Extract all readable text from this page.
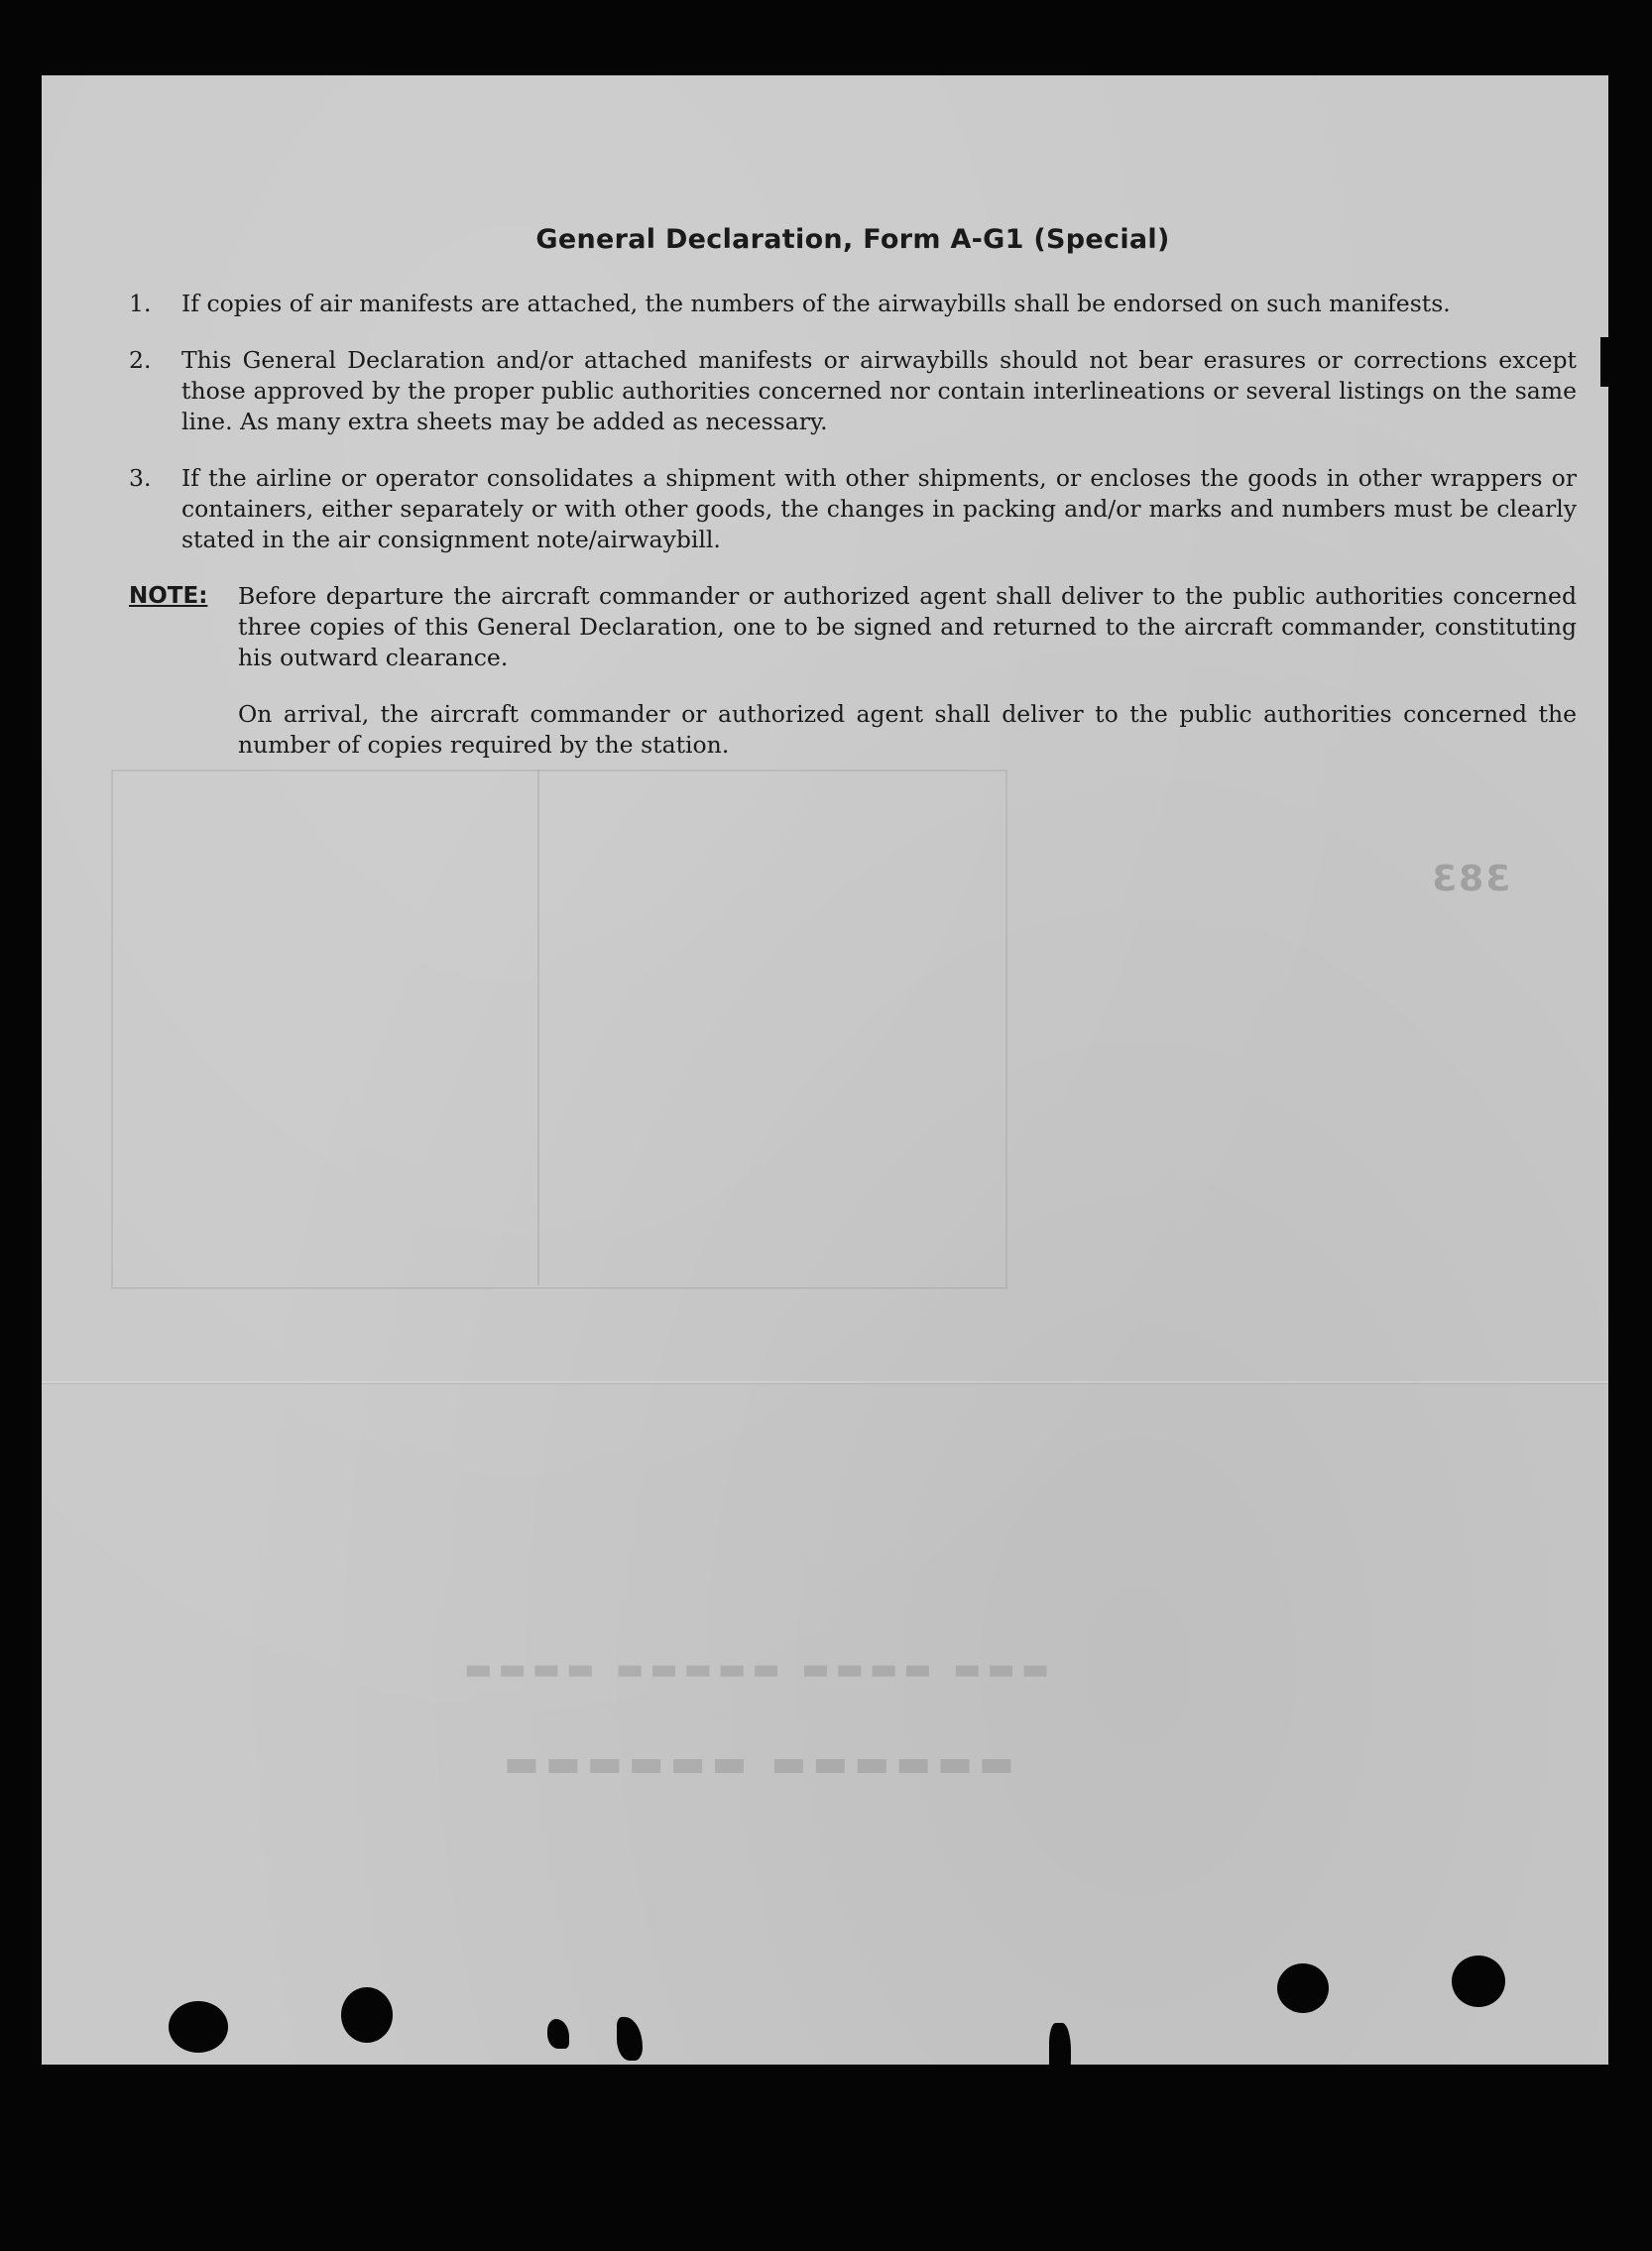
▬▬▬ ▬▬▬▬ ▬▬▬▬▬ ▬▬▬▬
▬▬▬▬▬▬ ▬▬▬▬▬▬
383
General Declaration, Form A-G1 (Special)
1.	If copies of air manifests are attached, the numbers of the airwaybills shall be endorsed on such manifests.
2.	This General Declaration and/or attached manifests or airwaybills should not bear erasures or corrections except those approved by the proper public authorities concerned nor contain interlineations or several listings on the same line. As many extra sheets may be added as necessary.
3.	If the airline or operator consolidates a shipment with other shipments, or encloses the goods in other wrappers or containers, either separately or with other goods, the changes in packing and/or marks and numbers must be clearly stated in the air consignment note/airwaybill.
NOTE:	Before departure the aircraft commander or authorized agent shall deliver to the public authorities concerned three copies of this General Declaration, one to be signed and returned to the aircraft commander, constituting his outward clearance.

On arrival, the aircraft commander or authorized agent shall deliver to the public authorities concerned the number of copies required by the station.
